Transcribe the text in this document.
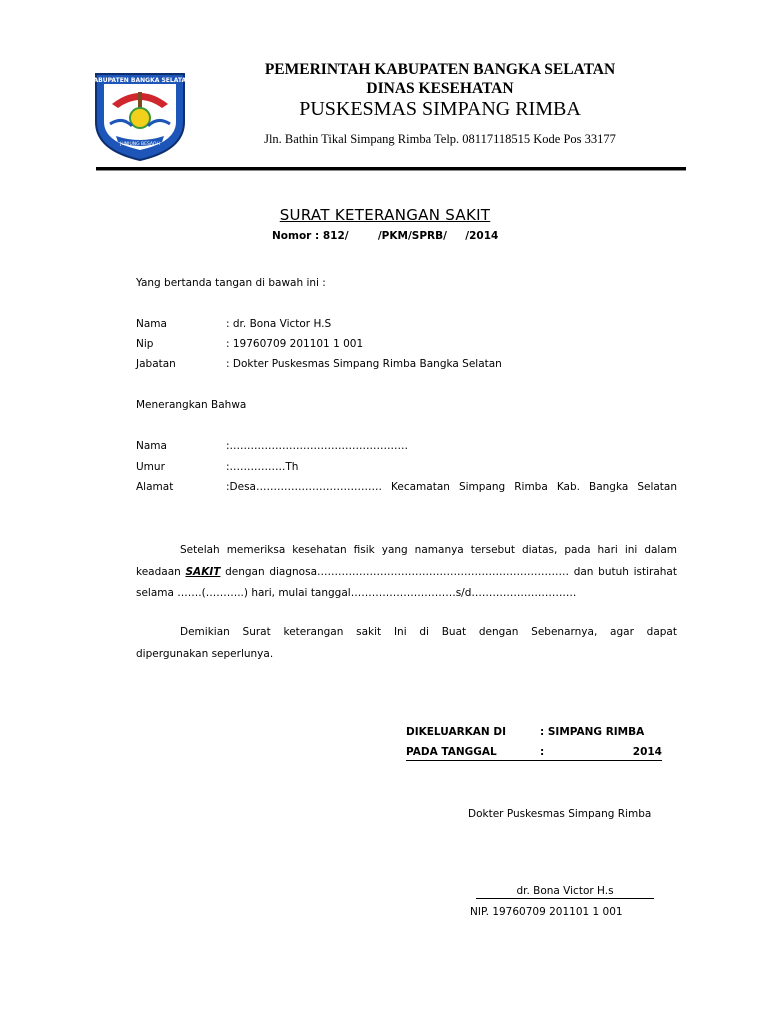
KABUPATEN BANGKA SELATAN
JUNJUNG BESAOH
PEMERINTAH KABUPATEN BANGKA SELATAN
DINAS KESEHATAN
PUSKESMAS SIMPANG RIMBA
Jln. Bathin Tikal Simpang Rimba Telp. 08117118515 Kode Pos 33177
SURAT KETERANGAN SAKIT
Nomor : 812/        /PKM/SPRB/     /2014
Yang bertanda tangan di bawah ini :
Nama	: dr. Bona Victor H.S
Nip	: 19760709 201101 1 001
Jabatan	: Dokter Puskesmas Simpang Rimba Bangka Selatan
Menerangkan Bahwa
Nama	:……………………………………………
Umur	:…………….Th
Alamat	:Desa……………………………… Kecamatan Simpang Rimba Kab. Bangka Selatan
Setelah memeriksa kesehatan fisik yang namanya tersebut diatas, pada hari ini dalam
keadaan SAKIT dengan diagnosa……………………………………………………………… dan butuh istirahat
selama …….(………..) hari, mulai tanggal…………………………s/d…………………………
Demikian Surat keterangan sakit Ini di Buat dengan Sebenarnya, agar dapat
dipergunakan seperlunya.
DIKELUARKAN DI	: SIMPANG RIMBA
PADA TANGGAL	:	2014
Dokter Puskesmas Simpang Rimba
dr. Bona Victor H.s
NIP. 19760709 201101 1 001
